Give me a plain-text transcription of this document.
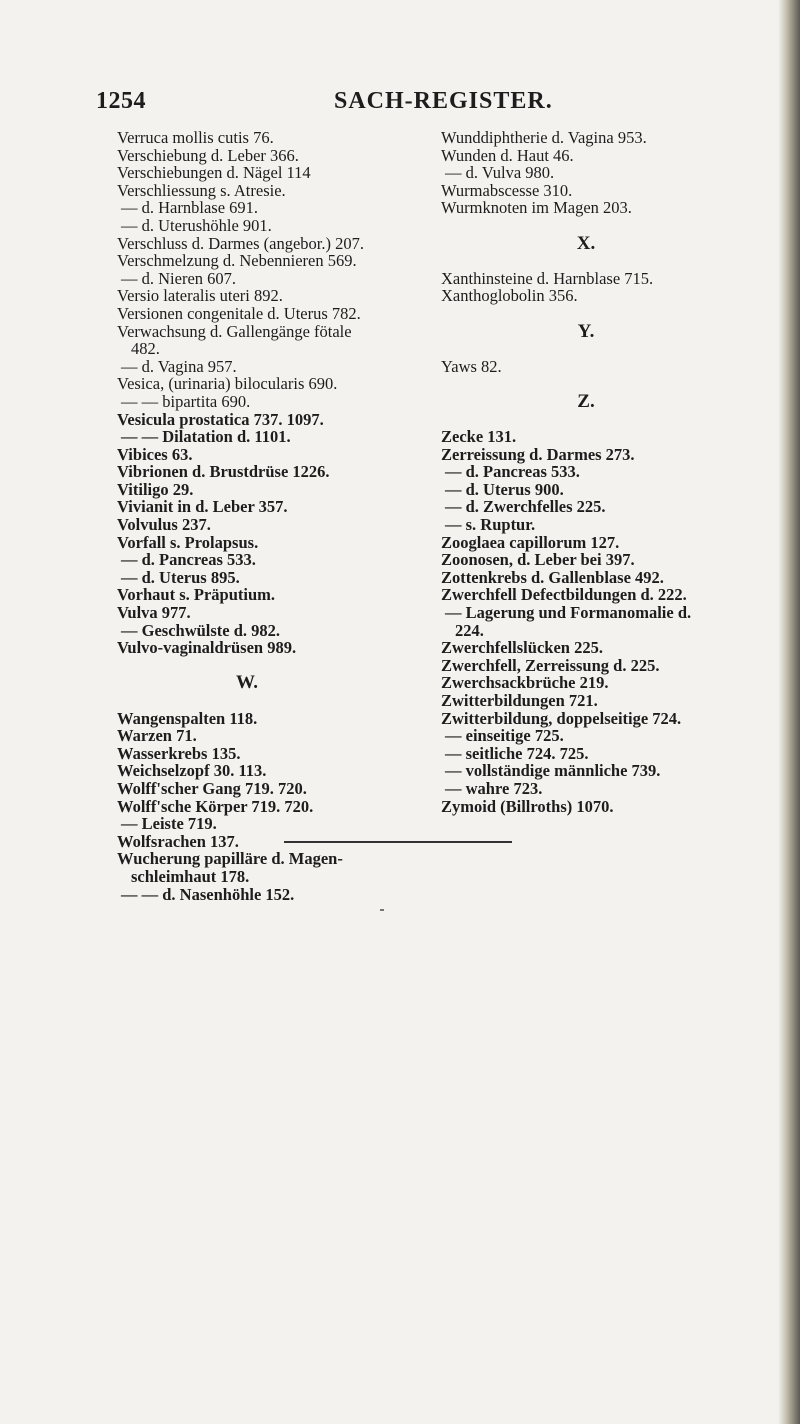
1254	SACH-REGISTER.
Verruca mollis cutis 76.
Verschiebung d. Leber 366.
Verschiebungen d. Nägel 114
Verschliessung s. Atresie.
— d. Harnblase 691.
— d. Uterushöhle 901.
Verschluss d. Darmes (angebor.) 207.
Verschmelzung d. Nebennieren 569.
— d. Nieren 607.
Versio lateralis uteri 892.
Versionen congenitale d. Uterus 782.
Verwachsung d. Gallengänge fötale
482.
— d. Vagina 957.
Vesica, (urinaria) bilocularis 690.
— — bipartita 690.
Vesicula prostatica 737. 1097.
— — Dilatation d. 1101.
Vibices 63.
Vibrionen d. Brustdrüse 1226.
Vitiligo 29.
Vivianit in d. Leber 357.
Volvulus 237.
Vorfall s. Prolapsus.
— d. Pancreas 533.
— d. Uterus 895.
Vorhaut s. Präputium.
Vulva 977.
— Geschwülste d. 982.
Vulvo-vaginaldrüsen 989.

W.

Wangenspalten 118.
Warzen 71.
Wasserkrebs 135.
Weichselzopf 30. 113.
Wolff'scher Gang 719. 720.
Wolff'sche Körper 719. 720.
— Leiste 719.
Wolfsrachen 137.
Wucherung papilläre d. Magen-
schleimhaut 178.
— — d. Nasenhöhle 152.
Wunddiphtherie d. Vagina 953.
Wunden d. Haut 46.
— d. Vulva 980.
Wurmabscesse 310.
Wurmknoten im Magen 203.

X.

Xanthinsteine d. Harnblase 715.
Xanthoglobolin 356.

Y.

Yaws 82.

Z.

Zecke 131.
Zerreissung d. Darmes 273.
— d. Pancreas 533.
— d. Uterus 900.
— d. Zwerchfelles 225.
— s. Ruptur.
Zooglaea capillorum 127.
Zoonosen, d. Leber bei 397.
Zottenkrebs d. Gallenblase 492.
Zwerchfell Defectbildungen d. 222.
— Lagerung und Formanomalie d.
224.
Zwerchfellslücken 225.
Zwerchfell, Zerreissung d. 225.
Zwerchsackbrüche 219.
Zwitterbildungen 721.
Zwitterbildung, doppelseitige 724.
— einseitige 725.
— seitliche 724. 725.
— vollständige männliche 739.
— wahre 723.
Zymoid (Billroths) 1070.
